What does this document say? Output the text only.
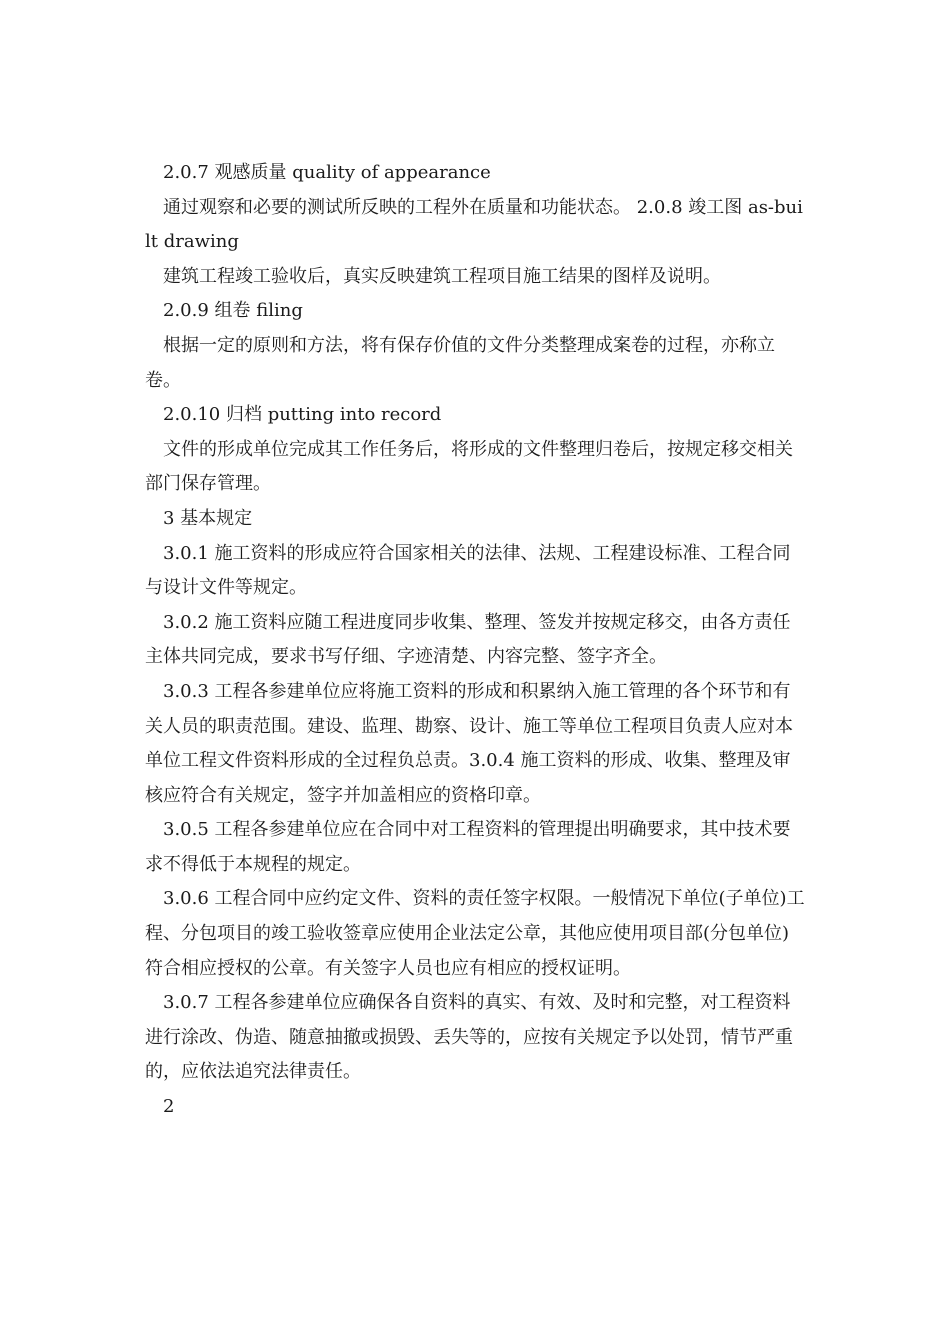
2.0.7 观感质量 quality of appearance

通过观察和必要的测试所反映的工程外在质量和功能状态。 2.0.8 竣工图 as-built drawing

建筑工程竣工验收后，真实反映建筑工程项目施工结果的图样及说明。

2.0.9 组卷 filing

根据一定的原则和方法，将有保存价值的文件分类整理成案卷的过程，亦称立卷。

2.0.10 归档 putting into record

文件的形成单位完成其工作任务后，将形成的文件整理归卷后，按规定移交相关部门保存管理。

3 基本规定

3.0.1 施工资料的形成应符合国家相关的法律、法规、工程建设标准、工程合同与设计文件等规定。

3.0.2 施工资料应随工程进度同步收集、整理、签发并按规定移交，由各方责任主体共同完成，要求书写仔细、字迹清楚、内容完整、签字齐全。

3.0.3 工程各参建单位应将施工资料的形成和积累纳入施工管理的各个环节和有关人员的职责范围。建设、监理、勘察、设计、施工等单位工程项目负责人应对本单位工程文件资料形成的全过程负总责。3.0.4 施工资料的形成、收集、整理及审核应符合有关规定，签字并加盖相应的资格印章。

3.0.5 工程各参建单位应在合同中对工程资料的管理提出明确要求，其中技术要求不得低于本规程的规定。

3.0.6 工程合同中应约定文件、资料的责任签字权限。一般情况下单位(子单位)工程、分包项目的竣工验收签章应使用企业法定公章，其他应使用项目部(分包单位)符合相应授权的公章。有关签字人员也应有相应的授权证明。

3.0.7 工程各参建单位应确保各自资料的真实、有效、及时和完整，对工程资料进行涂改、伪造、随意抽撤或损毁、丢失等的，应按有关规定予以处罚，情节严重的，应依法追究法律责任。

2
